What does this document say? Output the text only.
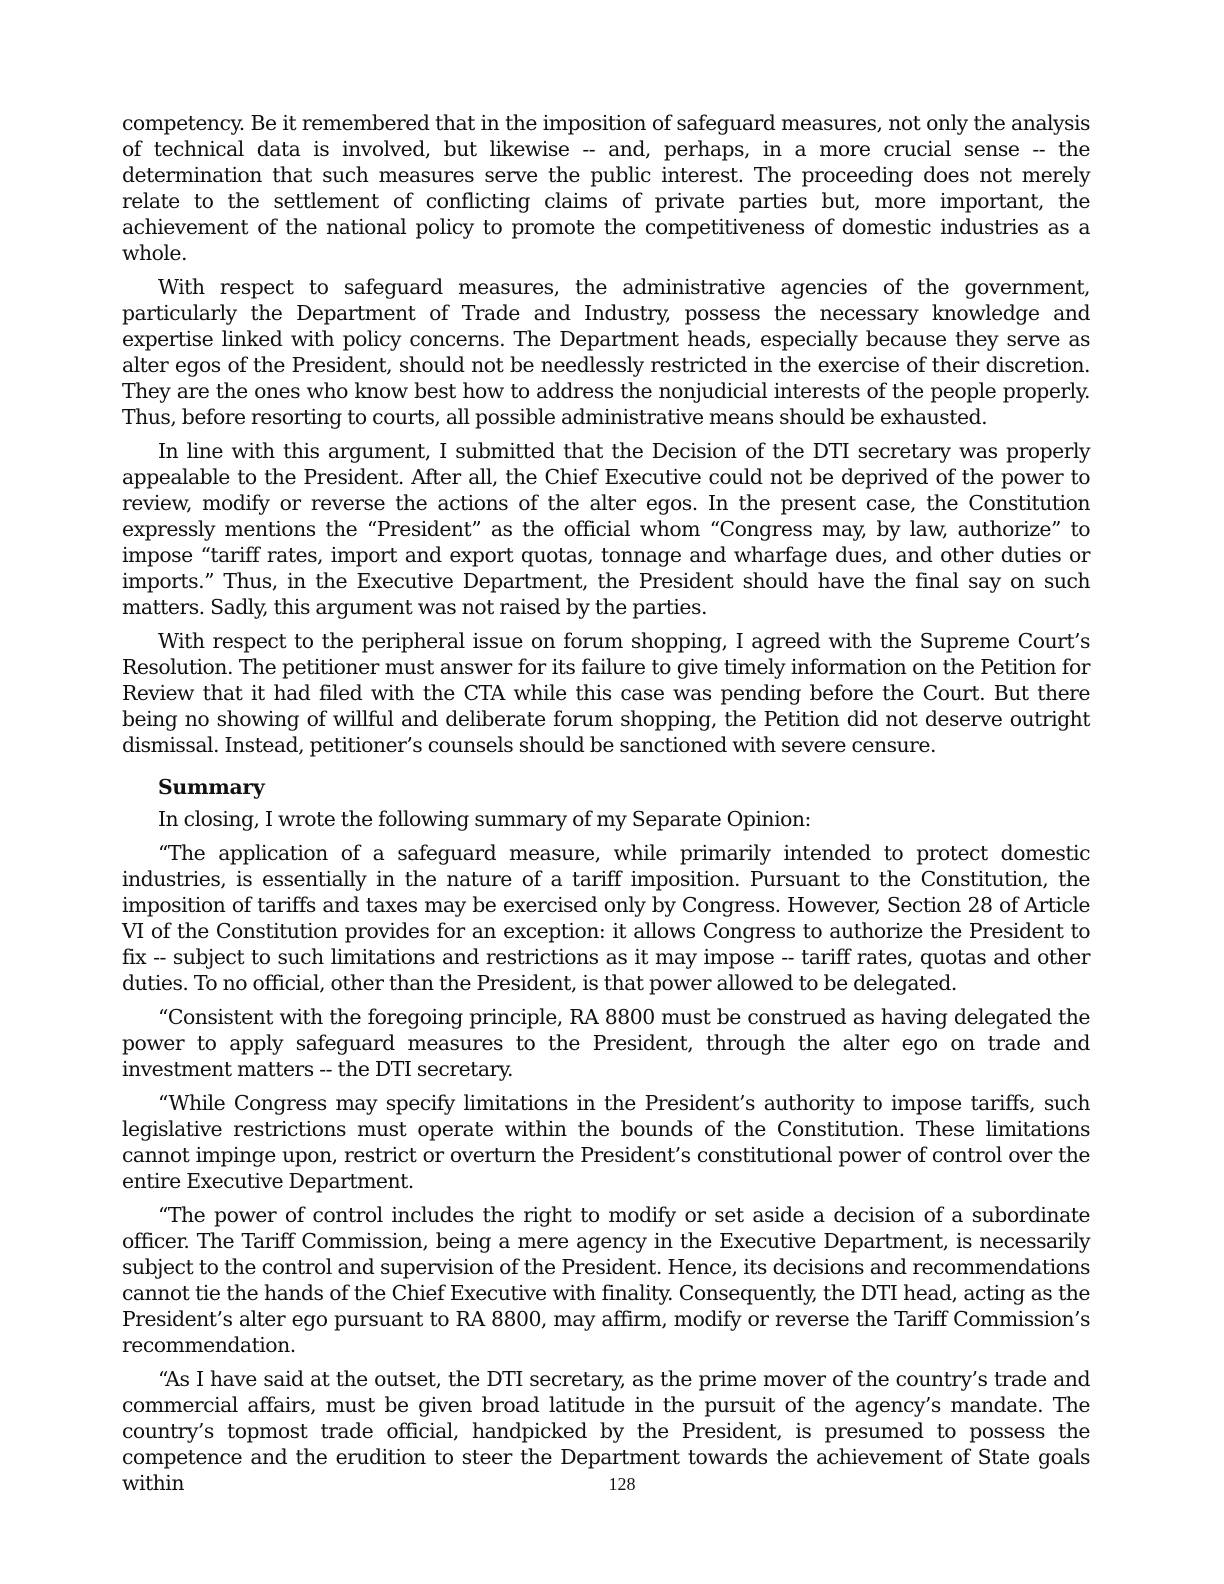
competency. Be it remembered that in the imposition of safeguard measures, not only the analysis of technical data is involved, but likewise -- and, perhaps, in a more crucial sense -- the determination that such measures serve the public interest. The proceeding does not merely relate to the settlement of conflicting claims of private parties but, more important, the achievement of the national policy to promote the competitiveness of domestic industries as a whole.

With respect to safeguard measures, the administrative agencies of the government, particularly the Department of Trade and Industry, possess the necessary knowledge and expertise linked with policy concerns. The Department heads, especially because they serve as alter egos of the President, should not be needlessly restricted in the exercise of their discretion. They are the ones who know best how to address the nonjudicial interests of the people properly. Thus, before resorting to courts, all possible administrative means should be exhausted.

In line with this argument, I submitted that the Decision of the DTI secretary was properly appealable to the President. After all, the Chief Executive could not be deprived of the power to review, modify or reverse the actions of the alter egos. In the present case, the Constitution expressly mentions the “President” as the official whom “Congress may, by law, authorize” to impose “tariff rates, import and export quotas, tonnage and wharfage dues, and other duties or imports.” Thus, in the Executive Department, the President should have the final say on such matters. Sadly, this argument was not raised by the parties.

With respect to the peripheral issue on forum shopping, I agreed with the Supreme Court’s Resolution. The petitioner must answer for its failure to give timely information on the Petition for Review that it had filed with the CTA while this case was pending before the Court. But there being no showing of willful and deliberate forum shopping, the Petition did not deserve outright dismissal. Instead, petitioner’s counsels should be sanctioned with severe censure.

Summary

In closing, I wrote the following summary of my Separate Opinion:

“The application of a safeguard measure, while primarily intended to protect domestic industries, is essentially in the nature of a tariff imposition. Pursuant to the Constitution, the imposition of tariffs and taxes may be exercised only by Congress. However, Section 28 of Article VI of the Constitution provides for an exception: it allows Congress to authorize the President to fix -- subject to such limitations and restrictions as it may impose -- tariff rates, quotas and other duties. To no official, other than the President, is that power allowed to be delegated.

“Consistent with the foregoing principle, RA 8800 must be construed as having delegated the power to apply safeguard measures to the President, through the alter ego on trade and investment matters -- the DTI secretary.

“While Congress may specify limitations in the President’s authority to impose tariffs, such legislative restrictions must operate within the bounds of the Constitution. These limitations cannot impinge upon, restrict or overturn the President’s constitutional power of control over the entire Executive Department.

“The power of control includes the right to modify or set aside a decision of a subordinate officer. The Tariff Commission, being a mere agency in the Executive Department, is necessarily subject to the control and supervision of the President. Hence, its decisions and recommendations cannot tie the hands of the Chief Executive with finality. Consequently, the DTI head, acting as the President’s alter ego pursuant to RA 8800, may affirm, modify or reverse the Tariff Commission’s recommendation.

“As I have said at the outset, the DTI secretary, as the prime mover of the country’s trade and commercial affairs, must be given broad latitude in the pursuit of the agency’s mandate. The country’s topmost trade official, handpicked by the President, is presumed to possess the competence and the erudition to steer the Department towards the achievement of State goals within	128
